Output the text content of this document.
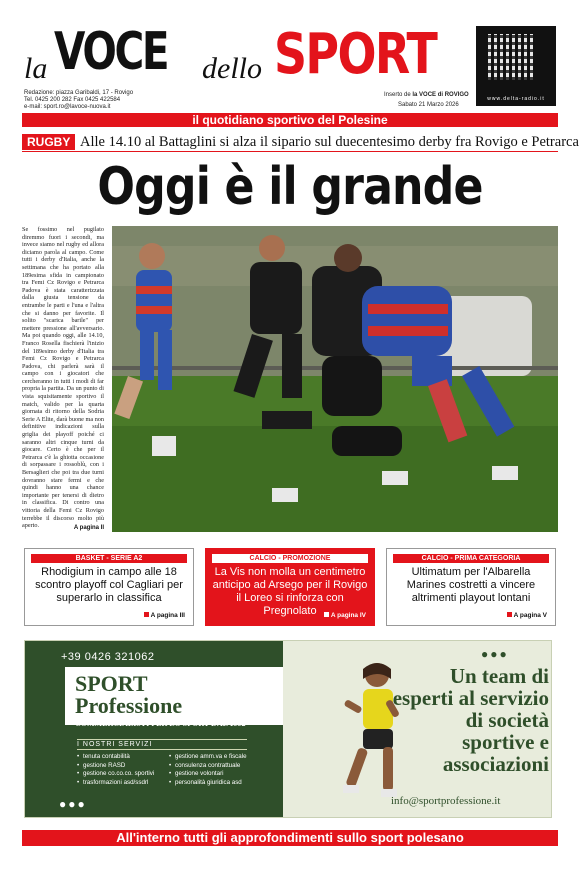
la VOCE dello SPORT
Redazione: piazza Garibaldi, 17 - Rovigo
Tel. 0425 200 282 Fax 0425 422584
e-mail: sport.ro@lavoce-nuova.it
Inserto de la VOCE di ROVIGO
Sabato 21 Marzo 2026
www.delta-radio.it
il quotidiano sportivo del Polesine
RUGBY Alle 14.10 al Battaglini si alza il sipario sul duecentesimo derby fra Rovigo e Petrarca
Oggi è il grande

Se fossimo nel pugilato diremmo fuori i secondi, ma invece siamo nel rugby ed allora diciamo parola al campo. Come tutti i derby d'Italia, anche la settimana che ha portato alla 189esima sfida in campionato tra Femi Cz Rovigo e Petrarca Padova è stata caratterizzata dalla giusta tensione da entrambe le parti e l'una e l'altra che si danno per favorite. Il solito "scarica barile" per mettere pressione all'avversario. Ma poi quando oggi, alle 14.10, Franco Rosella fischierà l'inizio del 189esimo derby d'Italia tra Femi Cz Rovigo e Petrarca Padova, chi parlerà sarà il campo con i giocatori che cercheranno in tutti i modi di far propria la partita. Da un punto di vista squisitamente sportivo il match, valido per la quarta giornata di ritorno della Sodria Serie A Elite, darà buone ma non definitive indicazioni sulla griglia dei playoff poiché ci saranno altri cinque turni da giocare. Certo è che per il Petrarca c'è la ghiotta occasione di sorpassare i rossoblù, con i Bersaglieri che poi tra due turni dovranno stare fermi e che quindi hanno una chance importante per tenersi di dietro in classifica. Di contro una vittoria della Femi Cz Rovigo terrebbe il discorso molto più aperto.	A pagina II
BASKET - SERIE A2
Rhodigium in campo alle 18 scontro playoff col Cagliari per superarlo in classifica
A pagina III
CALCIO - PROMOZIONE
La Vis non molla un centimetro anticipo ad Arsego per il Rovigo il Loreo si rinforza con Pregnolato	A pagina IV
CALCIO - PRIMA CATEGORIA
Ultimatum per l'Albarella Marines costretti a vincere altrimenti playout lontani
A pagina V
+39 0426 321062
SPORT
Professione
COMMERCIALISTI PER LO SPORT DAL 1992
I NOSTRI SERVIZI
• tenuta contabilità
• gestione RASD
• gestione co.co.co. sportivi
• trasformazioni asd/ssdrl
• gestione amm.va e fiscale
• consulenza contrattuale
• gestione volontari
• personalità giuridica asd
●●●
●●●
Un team di esperti al servizio di società sportive e associazioni
info@sportprofessione.it
All'interno tutti gli approfondimenti sullo sport polesano
